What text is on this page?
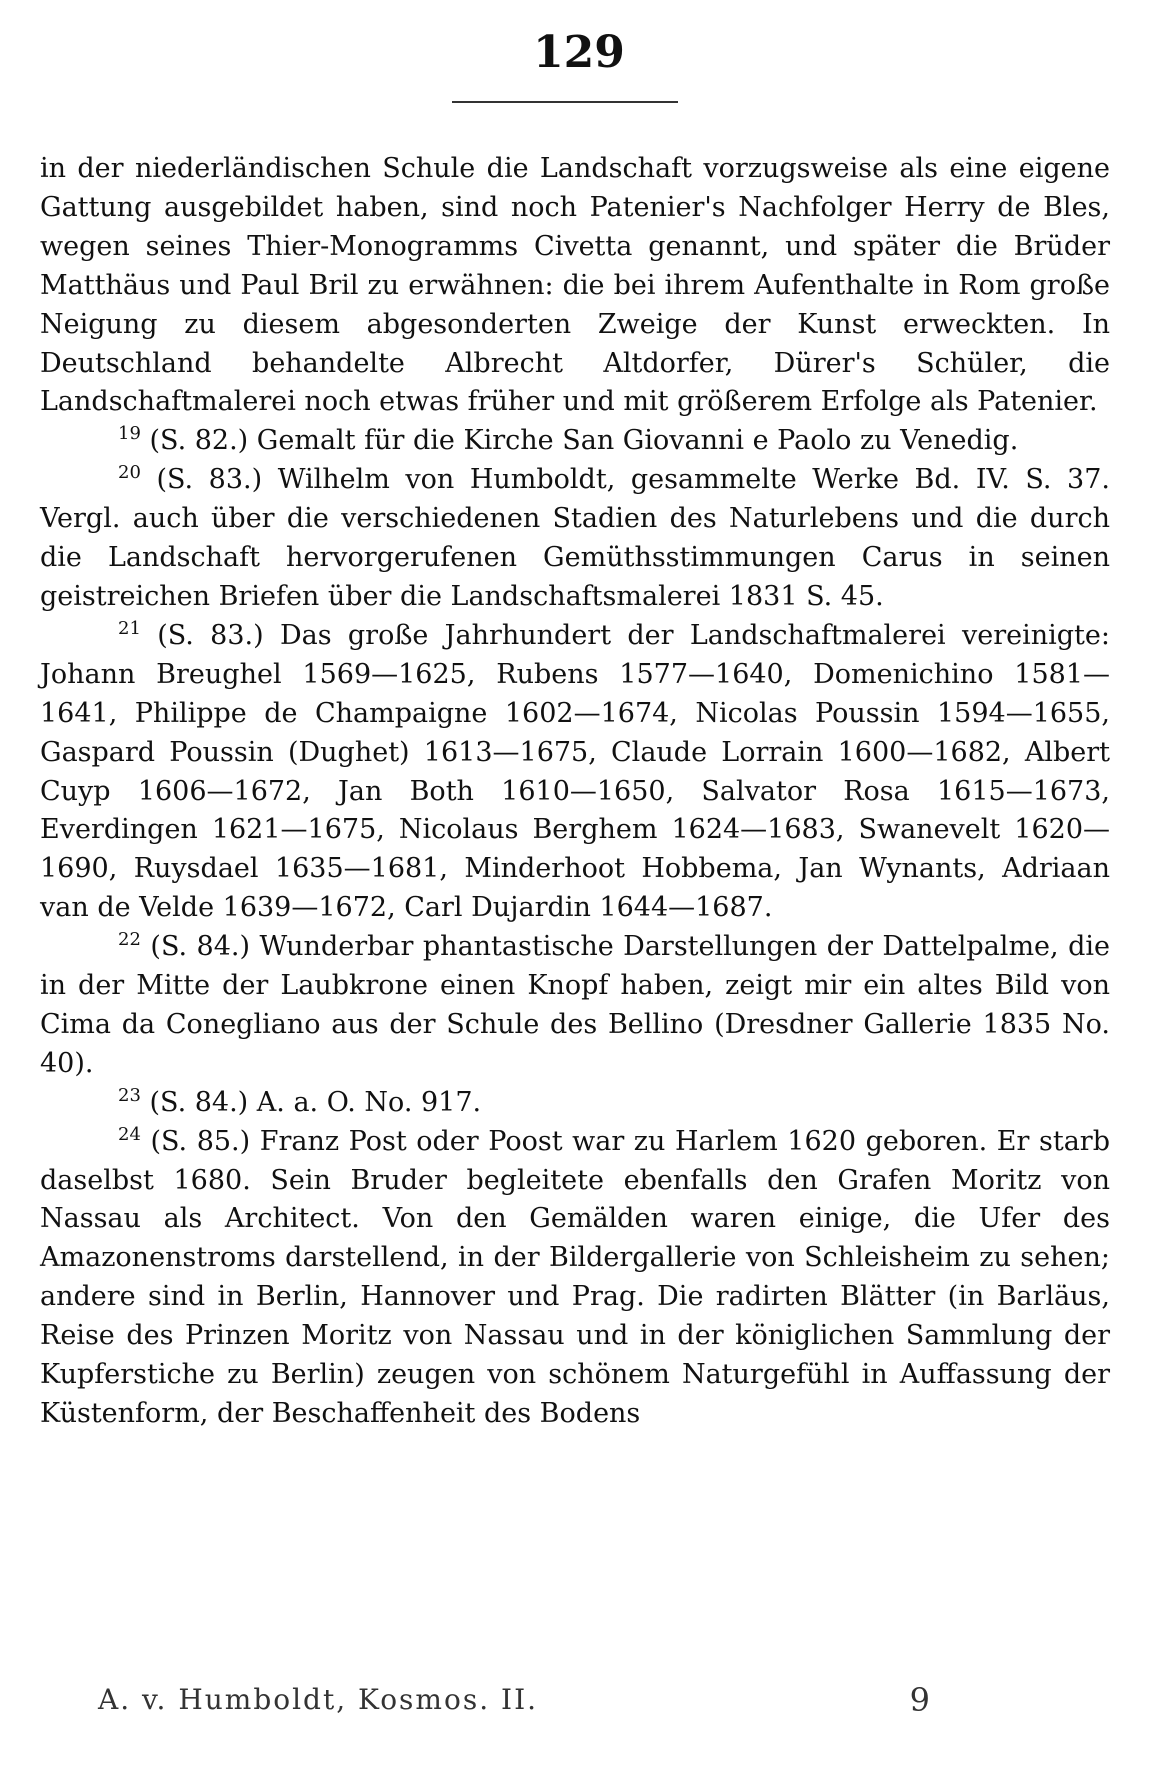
129

in der niederländischen Schule die Landschaft vorzugsweise als eine eigene Gattung ausgebildet haben, sind noch Patenier's Nachfolger Herry de Bles, wegen seines Thier-Monogramms Civetta genannt, und später die Brüder Matthäus und Paul Bril zu erwähnen: die bei ihrem Aufenthalte in Rom große Neigung zu diesem abgesonderten Zweige der Kunst erweckten. In Deutschland behandelte Albrecht Altdorfer, Dürer's Schüler, die Landschaftmalerei noch etwas früher und mit größerem Erfolge als Patenier.

$^{19}$ (S. 82.) Gemalt für die Kirche San Giovanni e Paolo zu Venedig.

$^{20}$ (S. 83.) Wilhelm von Humboldt, gesammelte Werke Bd. IV. S. 37. Vergl. auch über die verschiedenen Stadien des Naturlebens und die durch die Landschaft hervorgerufenen Gemüthsstimmungen Carus in seinen geistreichen Briefen über die Landschaftsmalerei 1831 S. 45.

$^{21}$ (S. 83.) Das große Jahrhundert der Landschaftmalerei vereinigte: Johann Breughel 1569—1625, Rubens 1577—1640, Domenichino 1581—1641, Philippe de Champaigne 1602—1674, Nicolas Poussin 1594—1655, Gaspard Poussin (Dughet) 1613—1675, Claude Lorrain 1600—1682, Albert Cuyp 1606—1672, Jan Both 1610—1650, Salvator Rosa 1615—1673, Everdingen 1621—1675, Nicolaus Berghem 1624—1683, Swanevelt 1620—1690, Ruysdael 1635—1681, Minderhoot Hobbema, Jan Wynants, Adriaan van de Velde 1639—1672, Carl Dujardin 1644—1687.

$^{22}$ (S. 84.) Wunderbar phantastische Darstellungen der Dattelpalme, die in der Mitte der Laubkrone einen Knopf haben, zeigt mir ein altes Bild von Cima da Conegliano aus der Schule des Bellino (Dresdner Gallerie 1835 No. 40).

$^{23}$ (S. 84.) A. a. O. No. 917.

$^{24}$ (S. 85.) Franz Post oder Poost war zu Harlem 1620 geboren. Er starb daselbst 1680. Sein Bruder begleitete ebenfalls den Grafen Moritz von Nassau als Architect. Von den Gemälden waren einige, die Ufer des Amazonenstroms darstellend, in der Bildergallerie von Schleisheim zu sehen; andere sind in Berlin, Hannover und Prag. Die radirten Blätter (in Barläus, Reise des Prinzen Moritz von Nassau und in der königlichen Sammlung der Kupferstiche zu Berlin) zeugen von schönem Naturgefühl in Auffassung der Küstenform, der Beschaffenheit des Bodens

A. v. Humboldt, Kosmos. II.	9
